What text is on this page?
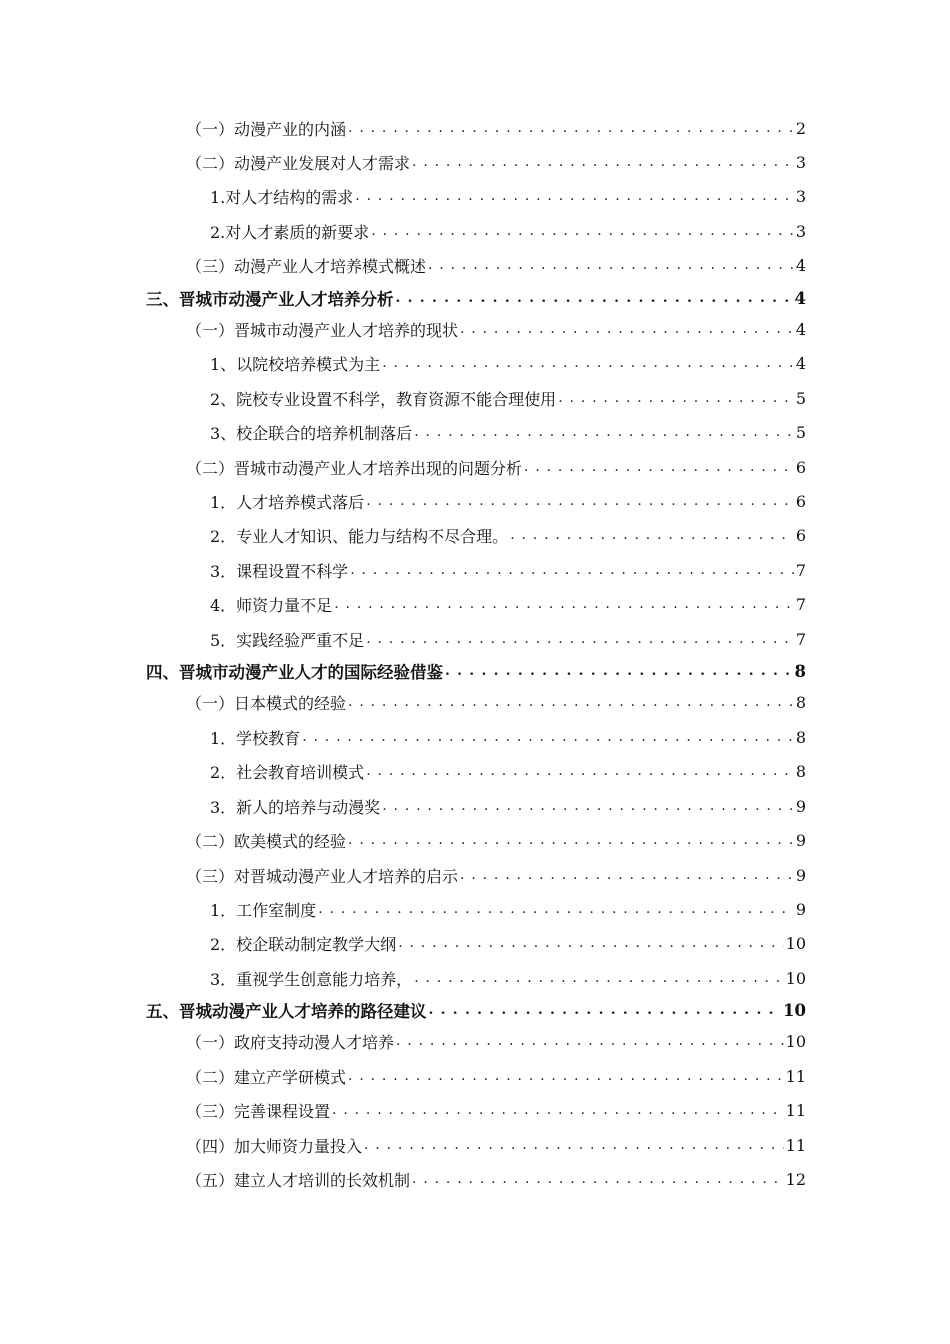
（一）动漫产业的内涵 . . .	2
（二）动漫产业发展对人才需求 . . .	3
1.对人才结构的需求 . . .	3
2.对人才素质的新要求 . . .	3
（三）动漫产业人才培养模式概述 . . .	4
三、晋城市动漫产业人才培养分析 . . .	4
（一）晋城市动漫产业人才培养的现状 . . .	4
1、以院校培养模式为主 . . .	4
2、院校专业设置不科学，教育资源不能合理使用 . . .	5
3、校企联合的培养机制落后 . . .	5
（二）晋城市动漫产业人才培养出现的问题分析 . . .	6
1．人才培养模式落后 . . .	6
2．专业人才知识、能力与结构不尽合理。 . . .	6
3．课程设置不科学 . . .	7
4．师资力量不足 . . .	7
5．实践经验严重不足 . . .	7
四、晋城市动漫产业人才的国际经验借鉴 . . .	8
（一）日本模式的经验 . . .	8
1．学校教育 . . .	8
2．社会教育培训模式 . . .	8
3．新人的培养与动漫奖 . . .	9
（二）欧美模式的经验 . . .	9
（三）对晋城动漫产业人才培养的启示 . . .	9
1．工作室制度 . . .	9
2．校企联动制定教学大纲 . . .	10
3．重视学生创意能力培养， . . .	10
五、晋城动漫产业人才培养的路径建议 . . .	10
（一）政府支持动漫人才培养 . . .	10
（二）建立产学研模式 . . .	11
（三）完善课程设置 . . .	11
（四）加大师资力量投入 . . .	11
（五）建立人才培训的长效机制 . . .	12
